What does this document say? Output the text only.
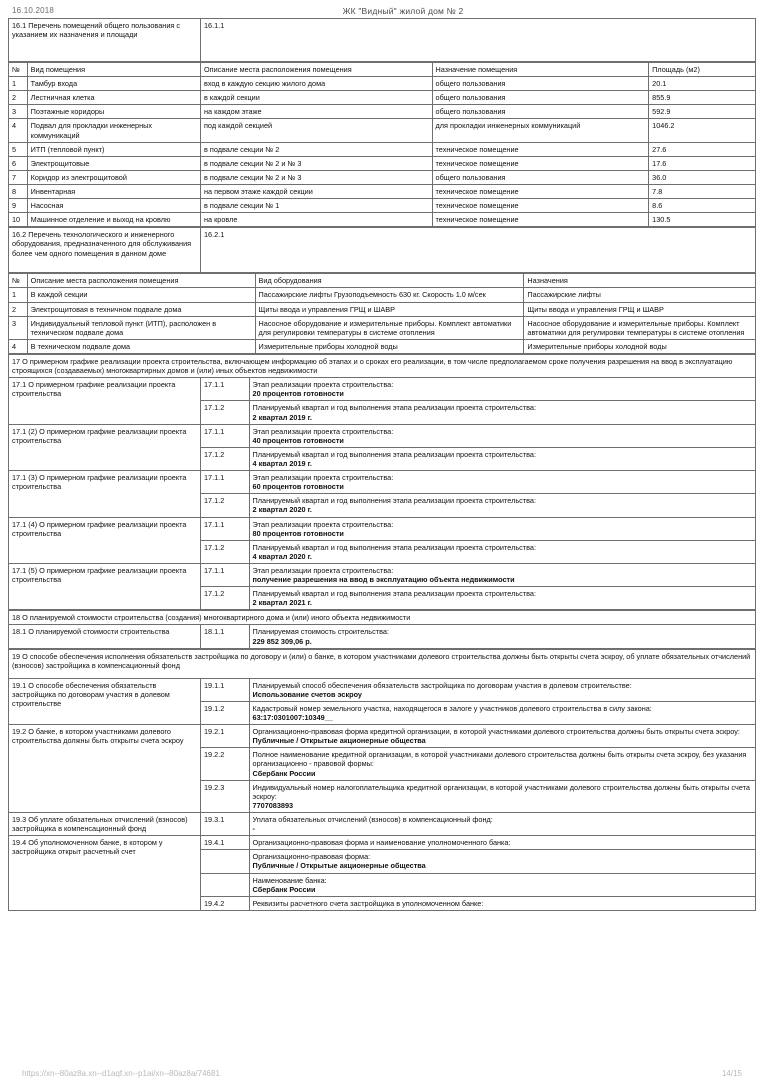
16.10.2018	ЖК "Видный" жилой дом № 2
16.1 Перечень помещений общего пользования с указанием их назначения и площади	16.1.1
№	Вид помещения	Описание места расположения помещения	Назначение помещения	Площадь (м2)
1	Тамбур входа	вход в каждую секцию жилого дома	общего пользования	20.1
2	Лестничная клетка	в каждой секции	общего пользования	855.9
3	Поэтажные коридоры	на каждом этаже	общего пользования	592.9
4	Подвал для прокладки инженерных коммуникаций	под каждой секцией	для прокладки инженерных коммуникаций	1046.2
5	ИТП (тепловой пункт)	в подвале секции № 2	техническое помещение	27.6
6	Электрощитовые	в подвале секции № 2 и № 3	техническое помещение	17.6
7	Коридор из электрощитовой	в подвале секции № 2 и № 3	общего пользования	36.0
8	Инвентарная	на первом этаже каждой секции	техническое помещение	7.8
9	Насосная	в подвале секции № 1	техническое помещение	8.6
10	Машинное отделение и выход на кровлю	на кровле	техническое помещение	130.5
16.2 Перечень технологического и инженерного оборудования, предназначенного для обслуживания более чем одного помещения в данном доме	16.2.1
№	Описание места расположения помещения	Вид оборудования	Назначения
1	В каждой секции	Пассажирские лифты Грузоподъемность 630 кг. Скорость 1.0 м/сек	Пассажирские лифты
2	Электрощитовая в техничном подвале дома	Щиты ввода и управления ГРЩ и ШАВР	Щиты ввода и управления ГРЩ и ШАВР
3	Индивидуальный тепловой пункт (ИТП), расположен в техническом подвале дома	Насосное оборудование и измерительные приборы. Комплект автоматики для регулировки температуры в системе отопления	Насосное оборудование и измерительные приборы. Комплект автоматики для регулировки температуры в системе отопления
4	В техническом подвале дома	Измерительные приборы холодной воды	Измерительные приборы холодной воды
17 О примерном графике реализации проекта строительства, включающем информацию об этапах и о сроках его реализации, в том числе предполагаемом сроке получения разрешения на ввод в эксплуатацию строящихся (создаваемых) многоквартирных домов и (или) иных объектов недвижимости		
17.1 О примерном графике реализации проекта строительства	17.1.1	Этап реализации проекта строительства:
20 процентов готовности

	17.1.2	Планируемый квартал и год выполнения этапа реализации проекта строительства:
2 квартал 2019 г.

17.1 (2) О примерном графике реализации проекта строительства	17.1.1	Этап реализации проекта строительства:
40 процентов готовности

	17.1.2	Планируемый квартал и год выполнения этапа реализации проекта строительства:
4 квартал 2019 г.

17.1 (3) О примерном графике реализации проекта строительства	17.1.1	Этап реализации проекта строительства:
60 процентов готовности

	17.1.2	Планируемый квартал и год выполнения этапа реализации проекта строительства:
2 квартал 2020 г.

17.1 (4) О примерном графике реализации проекта строительства	17.1.1	Этап реализации проекта строительства:
80 процентов готовности

	17.1.2	Планируемый квартал и год выполнения этапа реализации проекта строительства:
4 квартал 2020 г.

17.1 (5) О примерном графике реализации проекта строительства	17.1.1	Этап реализации проекта строительства:
получение разрешения на ввод в эксплуатацию объекта недвижимости

	17.1.2	Планируемый квартал и год выполнения этапа реализации проекта строительства:
2 квартал 2021 г.
18 О планируемой стоимости строительства (создания) многоквартирного дома и (или) иного объекта недвижимости
18.1 О планируемой стоимости строительства	18.1.1	Планируемая стоимость строительства:
229 852 309,06 р.
19 О способе обеспечения исполнения обязательств застройщика по договору и (или) о банке, в котором участниками долевого строительства должны быть открыты счета эскроу, об уплате обязательных отчислений (взносов) застройщика в компенсационный фонд		
19.1 О способе обеспечения обязательств застройщика по договорам участия в долевом строительстве	19.1.1	Планируемый способ обеспечения обязательств застройщика по договорам участия в долевом строительстве:
Использование счетов эскроу

	19.1.2	Кадастровый номер земельного участка, находящегося в залоге у участников долевого строительства в силу закона:
63:17:0301007:10349__

19.2 О банке, в котором участниками долевого строительства должны быть открыты счета эскроу	19.2.1	Организационно-правовая форма кредитной организации, в которой участниками долевого строительства должны быть открыты счета эскроу:
Публичные / Открытые акционерные общества

	19.2.2	Полное наименование кредитной организации, в которой участниками долевого строительства должны быть открыты счета эскроу, без указания организационно - правовой формы:
Сбербанк России

	19.2.3	Индивидуальный номер налогоплательщика кредитной организации, в которой участниками долевого строительства должны быть открыты счета эскроу:
7707083893

19.3 Об уплате обязательных отчислений (взносов) застройщика в компенсационный фонд	19.3.1	Уплата обязательных отчислений (взносов) в компенсационный фонд:
-

19.4 Об уполномоченном банке, в котором у застройщика открыт расчетный счет	19.4.1	Организационно-правовая форма и наименование уполномоченного банка:

		Организационно-правовая форма:
Публичные / Открытые акционерные общества

		Наименование банка:
Сбербанк России

	19.4.2	Реквизиты расчетного счета застройщика в уполномоченном банке:
https://xn--80az8a.xn--d1aqf.xn--p1ai/xn--80az8a/74681	14/15
